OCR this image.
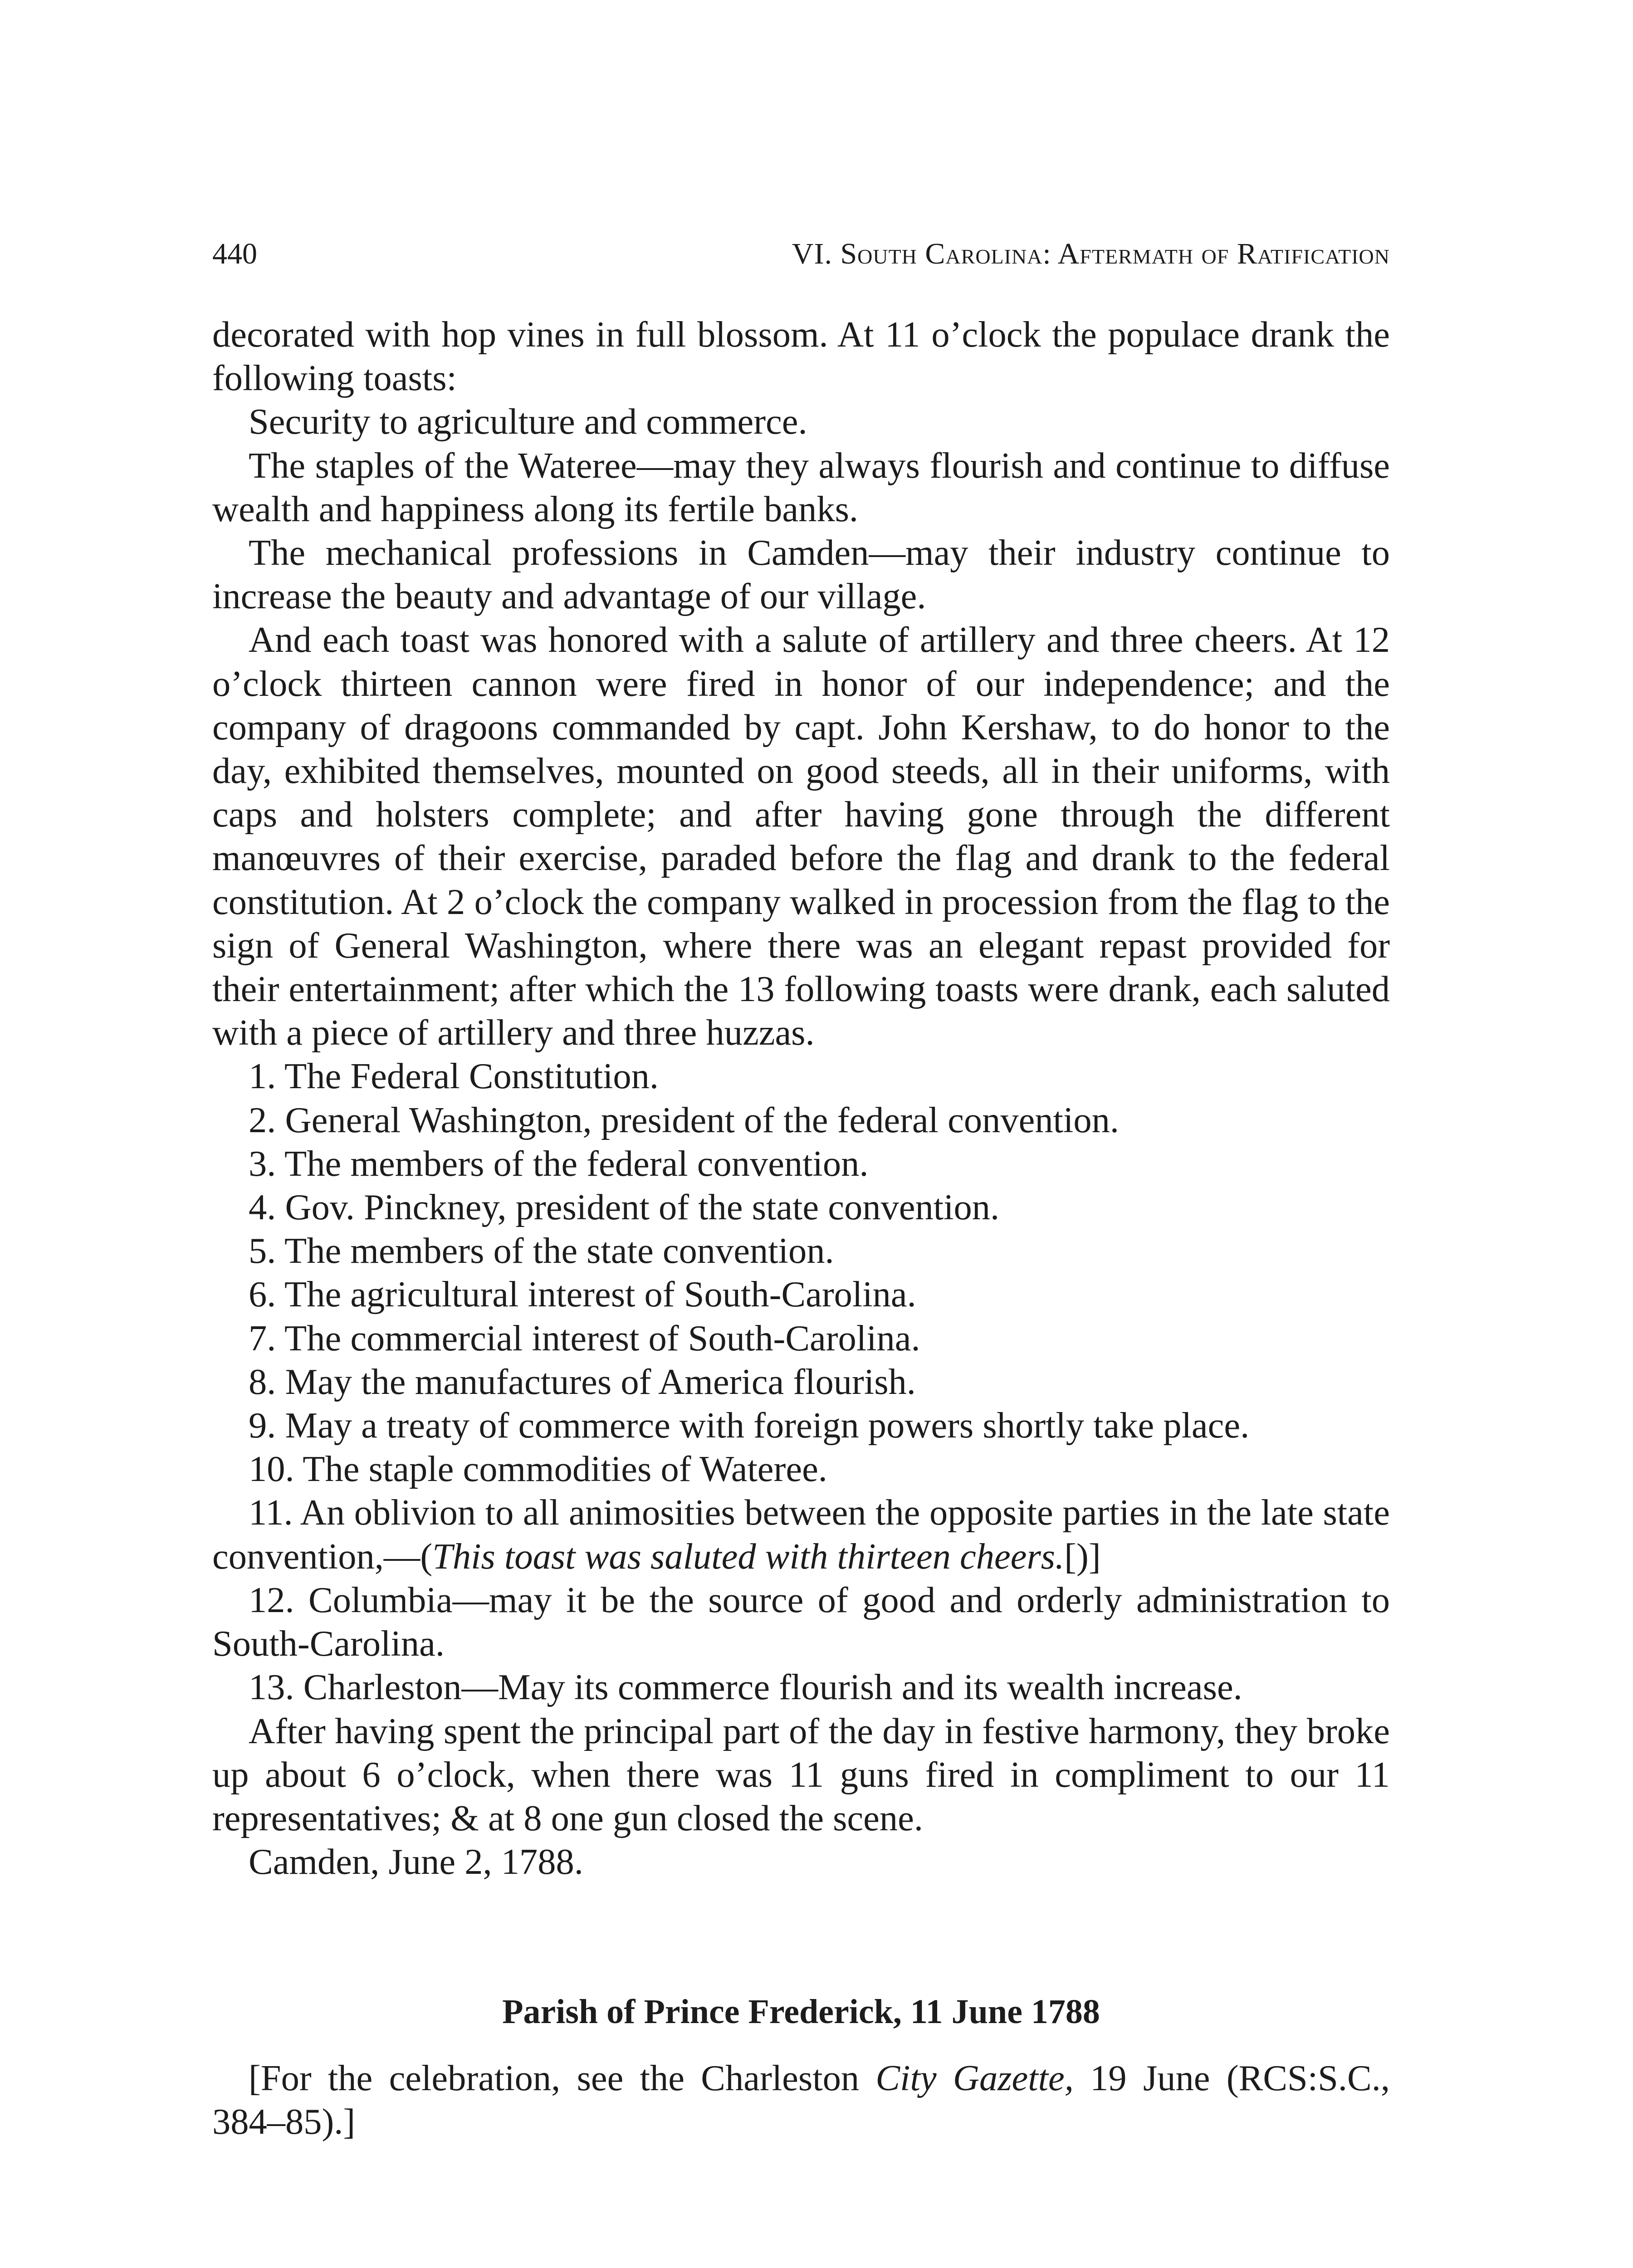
440	VI. South Carolina: Aftermath of Ratification

decorated with hop vines in full blossom. At 11 o’clock the populace drank the following toasts:

Security to agriculture and commerce.

The staples of the Wateree—may they always flourish and continue to diffuse wealth and happiness along its fertile banks.

The mechanical professions in Camden—may their industry continue to increase the beauty and advantage of our village.

And each toast was honored with a salute of artillery and three cheers. At 12 o’clock thirteen cannon were fired in honor of our independence; and the company of dragoons commanded by capt. John Kershaw, to do honor to the day, exhibited themselves, mounted on good steeds, all in their uniforms, with caps and holsters complete; and after having gone through the different manœuvres of their exercise, paraded before the flag and drank to the federal constitution. At 2 o’clock the company walked in procession from the flag to the sign of General Washington, where there was an elegant repast provided for their entertainment; after which the 13 following toasts were drank, each saluted with a piece of artillery and three huzzas.

1. The Federal Constitution.

2. General Washington, president of the federal convention.

3. The members of the federal convention.

4. Gov. Pinckney, president of the state convention.

5. The members of the state convention.

6. The agricultural interest of South-Carolina.

7. The commercial interest of South-Carolina.

8. May the manufactures of America flourish.

9. May a treaty of commerce with foreign powers shortly take place.

10. The staple commodities of Wateree.

11. An oblivion to all animosities between the opposite parties in the late state convention,—(This toast was saluted with thirteen cheers.[)]

12. Columbia—may it be the source of good and orderly administration to South-Carolina.

13. Charleston—May its commerce flourish and its wealth increase.

After having spent the principal part of the day in festive harmony, they broke up about 6 o’clock, when there was 11 guns fired in compliment to our 11 representatives; & at 8 one gun closed the scene.

Camden, June 2, 1788.

Parish of Prince Frederick, 11 June 1788

[For the celebration, see the Charleston City Gazette, 19 June (RCS:S.C., 384–85).]
